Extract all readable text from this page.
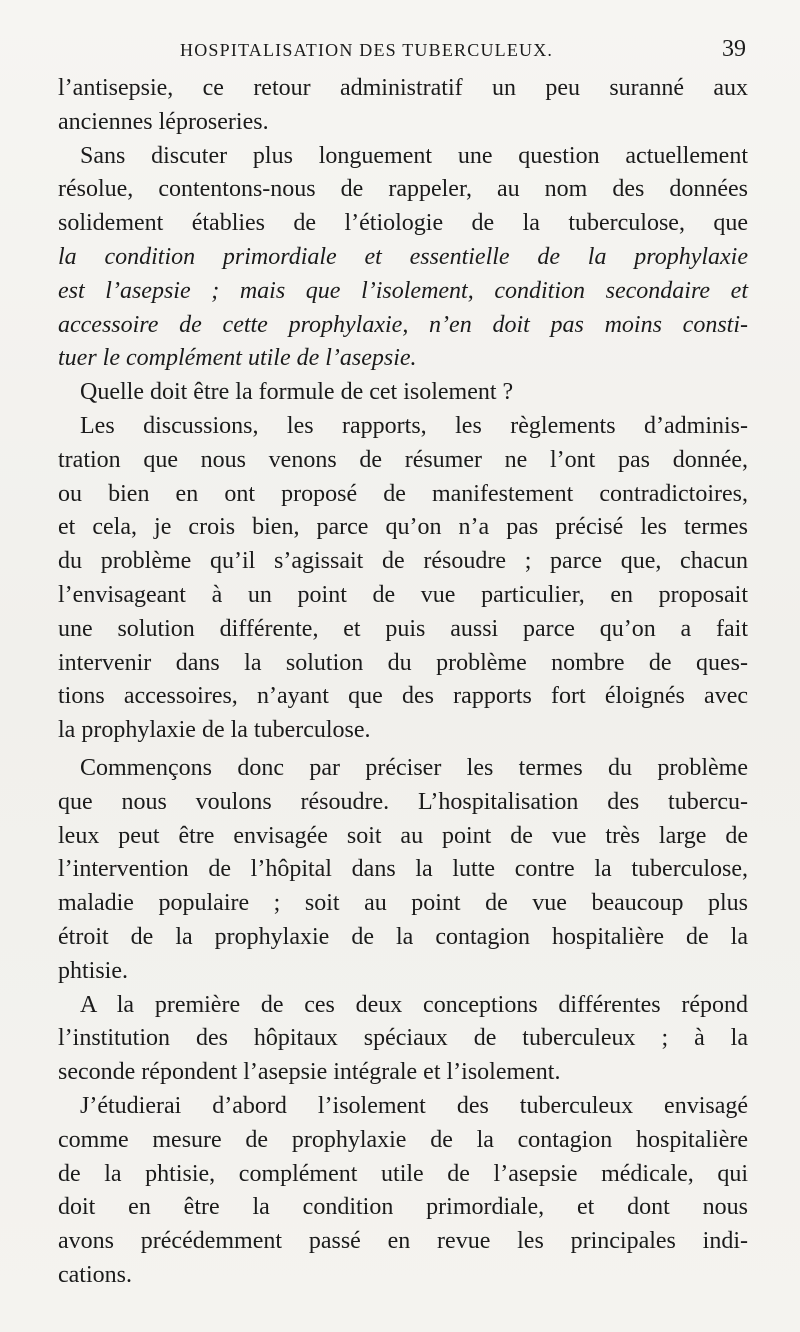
HOSPITALISATION DES TUBERCULEUX.	39
l’antisepsie, ce retour administratif un peu suranné aux
anciennes léproseries.
Sans discuter plus longuement une question actuellement
résolue, contentons-nous de rappeler, au nom des données
solidement établies de l’étiologie de la tuberculose, que
la condition primordiale et essentielle de la prophylaxie
est l’asepsie ; mais que l’isolement, condition secondaire et
accessoire de cette prophylaxie, n’en doit pas moins consti-
tuer le complément utile de l’asepsie.
Quelle doit être la formule de cet isolement ?
Les discussions, les rapports, les règlements d’adminis-
tration que nous venons de résumer ne l’ont pas donnée,
ou bien en ont proposé de manifestement contradictoires,
et cela, je crois bien, parce qu’on n’a pas précisé les termes
du problème qu’il s’agissait de résoudre ; parce que, chacun
l’envisageant à un point de vue particulier, en proposait
une solution différente, et puis aussi parce qu’on a fait
intervenir dans la solution du problème nombre de ques-
tions accessoires, n’ayant que des rapports fort éloignés avec
la prophylaxie de la tuberculose.
Commençons donc par préciser les termes du problème
que nous voulons résoudre. L’hospitalisation des tubercu-
leux peut être envisagée soit au point de vue très large de
l’intervention de l’hôpital dans la lutte contre la tuberculose,
maladie populaire ; soit au point de vue beaucoup plus
étroit de la prophylaxie de la contagion hospitalière de la
phtisie.
A la première de ces deux conceptions différentes répond
l’institution des hôpitaux spéciaux de tuberculeux ; à la
seconde répondent l’asepsie intégrale et l’isolement.
J’étudierai d’abord l’isolement des tuberculeux envisagé
comme mesure de prophylaxie de la contagion hospitalière
de la phtisie, complément utile de l’asepsie médicale, qui
doit en être la condition primordiale, et dont nous
avons précédemment passé en revue les principales indi-
cations.
